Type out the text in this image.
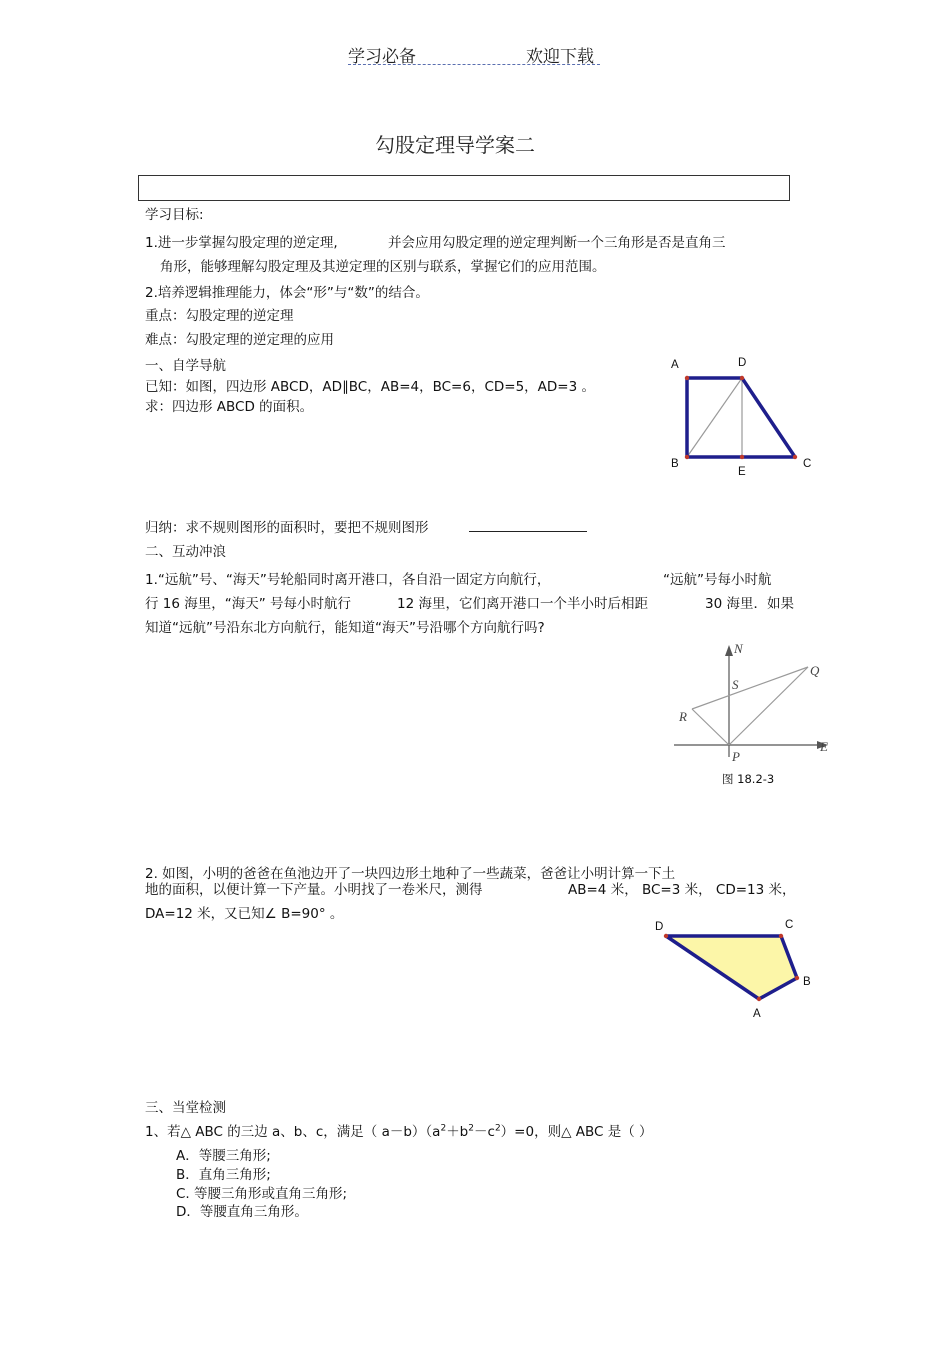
学习必备	欢迎下载
勾股定理导学案二
学习目标:
1.进一步掌握勾股定理的逆定理,	并会应用勾股定理的逆定理判断一个三角形是否是直角三
角形，能够理解勾股定理及其逆定理的区别与联系，掌握它们的应用范围。
2.培养逻辑推理能力，体会“形”与“数”的结合。
重点：勾股定理的逆定理
难点：勾股定理的逆定理的应用
一、自学导航
已知：如图，四边形 ABCD，AD∥BC，AB=4，BC=6，CD=5，AD=3 。
求：四边形 ABCD 的面积。
A	D
B
E
C
归纳：求不规则图形的面积时，要把不规则图形
二、互动冲浪
1.“远航”号、“海天”号轮船同时离开港口，各自沿一固定方向航行，	“远航”号每小时航
行 16 海里，“海天” 号每小时航行	12 海里，它们离开港口一个半小时后相距	30 海里．如果
知道“远航”号沿东北方向航行，能知道“海天”号沿哪个方向航行吗?
N
Q
S
R
P
E
图 18.2-3
2. 如图，小明的爸爸在鱼池边开了一块四边形土地种了一些蔬菜，爸爸让小明计算一下土
地的面积，以便计算一下产量。小明找了一卷米尺，测得	AB=4 米， BC=3 米， CD=13 米，
DA=12 米，又已知∠ B=90° 。
D	C
B
A
三、当堂检测
1、若△ ABC 的三边 a、b、c，满足（ $a-b)(a^2+b^2-c^2)=0$，则△ ABC 是（ ）
A．等腰三角形;
B．直角三角形;
C. 等腰三角形或直角三角形;
D．等腰直角三角形。
